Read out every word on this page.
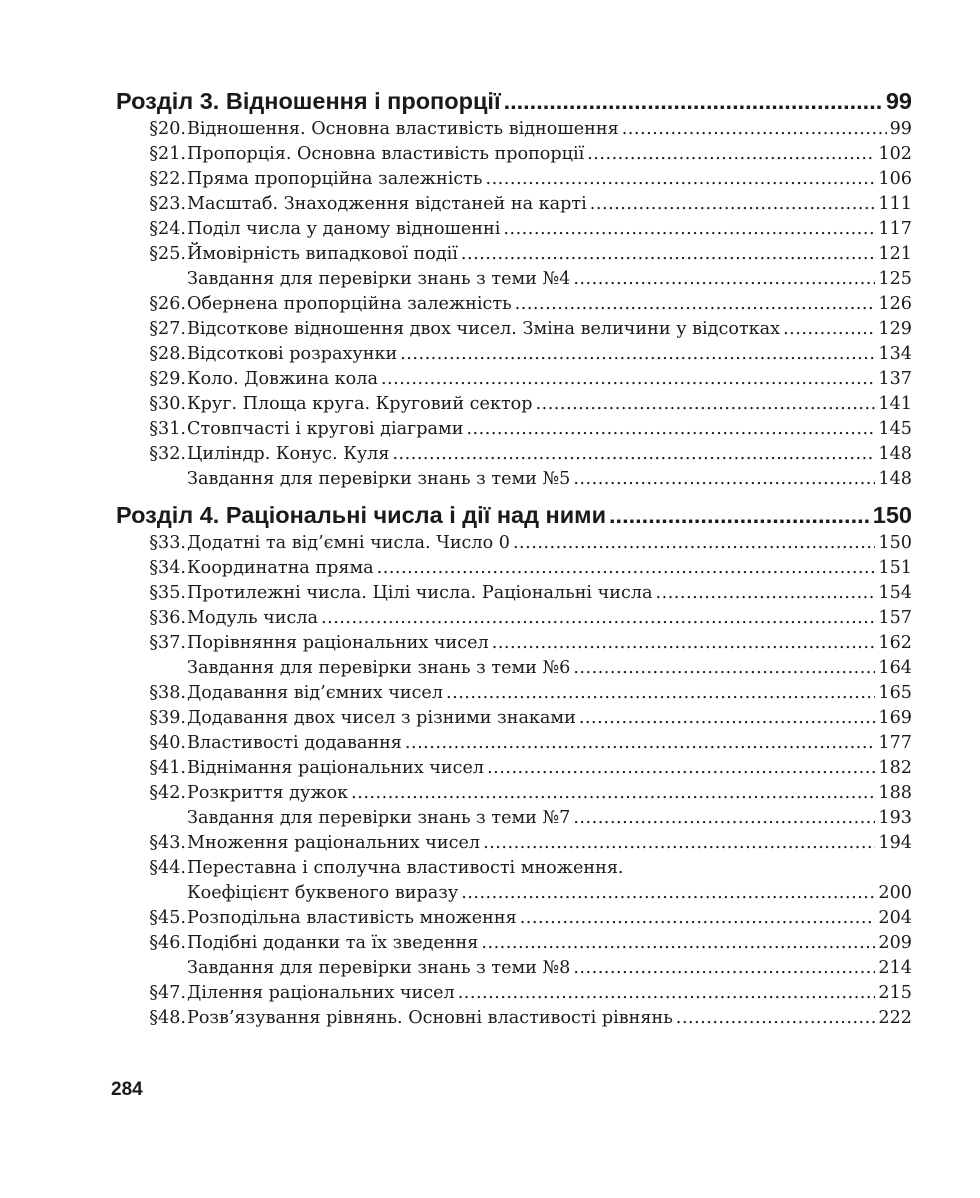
Розділ 3. Відношення і пропорції .....	99
§20. Відношення. Основна властивість відношення .....	99
§21. Пропорція. Основна властивість пропорції .....	102
§22. Пряма пропорційна залежність .....	106
§23. Масштаб. Знаходження відстаней на карті .....	111
§24. Поділ числа у даному відношенні .....	117
§25. Ймовірність випадкової події .....	121
Завдання для перевірки знань з теми №4 .....	125
§26. Обернена пропорційна залежність .....	126
§27. Відсоткове відношення двох чисел. Зміна величини у відсотках .....	129
§28. Відсоткові розрахунки .....	134
§29. Коло. Довжина кола .....	137
§30. Круг. Площа круга. Круговий сектор .....	141
§31. Стовпчасті і кругові діаграми .....	145
§32. Циліндр. Конус. Куля .....	148
Завдання для перевірки знань з теми №5 .....	148
Розділ 4. Раціональні числа і дії над ними .....	150
§33. Додатні та від’ємні числа. Число 0 .....	150
§34. Координатна пряма .....	151
§35. Протилежні числа. Цілі числа. Раціональні числа .....	154
§36. Модуль числа .....	157
§37. Порівняння раціональних чисел .....	162
Завдання для перевірки знань з теми №6 .....	164
§38. Додавання від’ємних чисел .....	165
§39. Додавання двох чисел з різними знаками .....	169
§40. Властивості додавання .....	177
§41. Віднімання раціональних чисел .....	182
§42. Розкриття дужок .....	188
Завдання для перевірки знань з теми №7 .....	193
§43. Множення раціональних чисел .....	194
§44. Переставна і сполучна властивості множення.
Коефіцієнт буквеного виразу .....	200
§45. Розподільна властивість множення .....	204
§46. Подібні доданки та їх зведення .....	209
Завдання для перевірки знань з теми №8 .....	214
§47. Ділення раціональних чисел .....	215
§48. Розв’язування рівнянь. Основні властивості рівнянь .....	222
284
